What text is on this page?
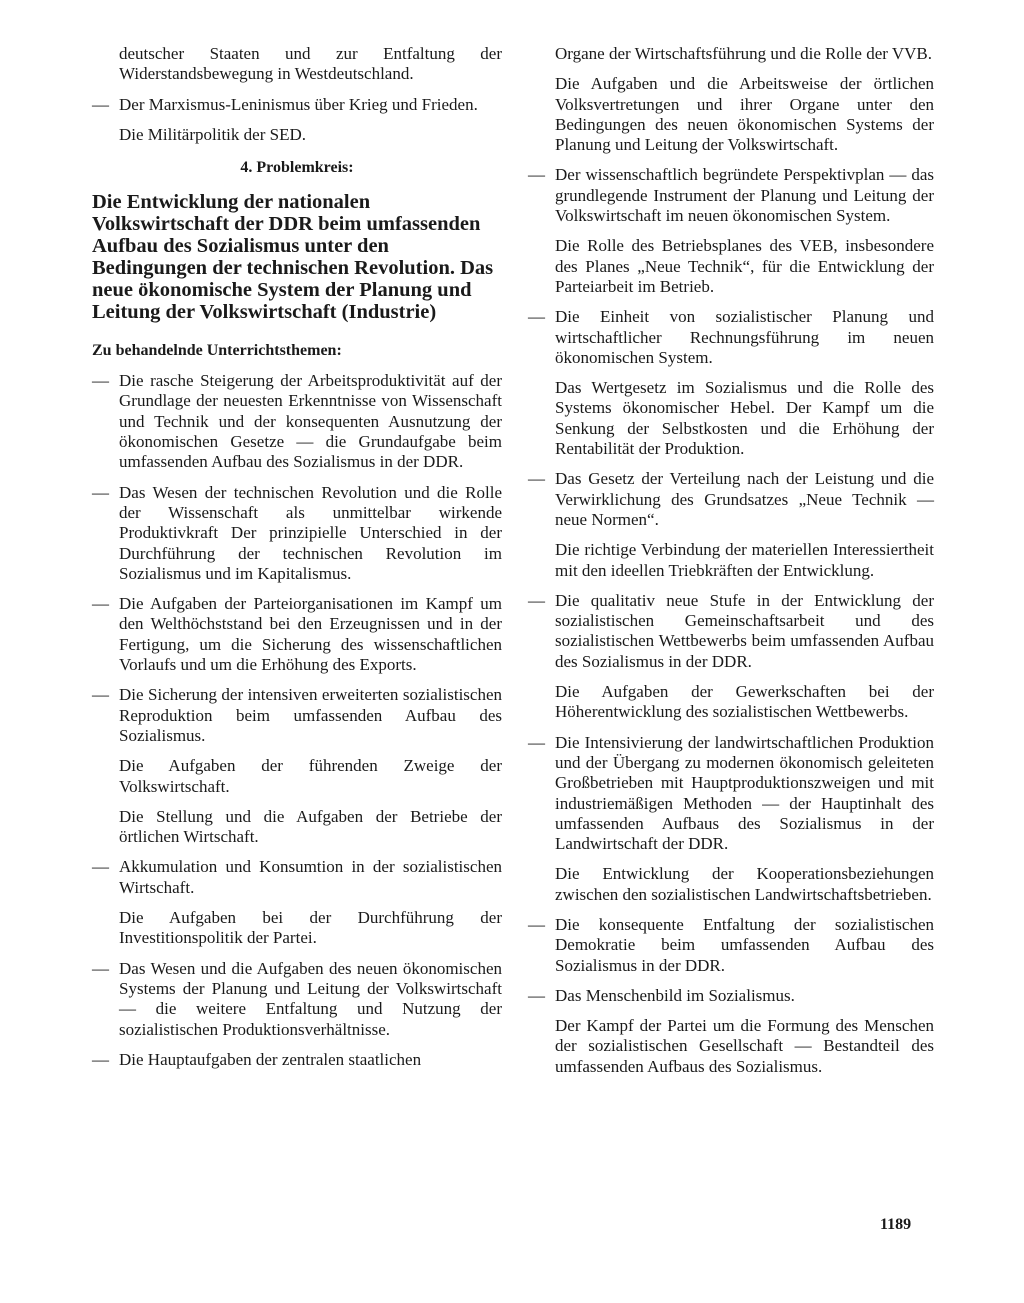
deutscher Staaten und zur Entfaltung der Widerstandsbewegung in Westdeutschland.
— Der Marxismus-Leninismus über Krieg und Frieden.
Die Militärpolitik der SED.
4. Problemkreis:
Die Entwicklung der nationalen Volkswirtschaft der DDR beim umfassenden Aufbau des Sozialismus unter den Bedingungen der technischen Revolution. Das neue ökonomische System der Planung und Leitung der Volkswirtschaft (Industrie)
Zu behandelnde Unterrichtsthemen:
— Die rasche Steigerung der Arbeitsproduktivität auf der Grundlage der neuesten Erkenntnisse von Wissenschaft und Technik und der konsequenten Ausnutzung der ökonomischen Gesetze — die Grundaufgabe beim umfassenden Aufbau des Sozialismus in der DDR.
— Das Wesen der technischen Revolution und die Rolle der Wissenschaft als unmittelbar wirkende Produktivkraft Der prinzipielle Unterschied in der Durchführung der technischen Revolution im Sozialismus und im Kapitalismus.
— Die Aufgaben der Parteiorganisationen im Kampf um den Welthöchststand bei den Erzeugnissen und in der Fertigung, um die Sicherung des wissenschaftlichen Vorlaufs und um die Erhöhung des Exports.
— Die Sicherung der intensiven erweiterten sozialistischen Reproduktion beim umfassenden Aufbau des Sozialismus.
Die Aufgaben der führenden Zweige der Volkswirtschaft.
Die Stellung und die Aufgaben der Betriebe der örtlichen Wirtschaft.
— Akkumulation und Konsumtion in der sozialistischen Wirtschaft.
Die Aufgaben bei der Durchführung der Investitionspolitik der Partei.
— Das Wesen und die Aufgaben des neuen ökonomischen Systems der Planung und Leitung der Volkswirtschaft — die weitere Entfaltung und Nutzung der sozialistischen Produktionsverhältnisse.
— Die Hauptaufgaben der zentralen staatlichen
Organe der Wirtschaftsführung und die Rolle der VVB.
Die Aufgaben und die Arbeitsweise der örtlichen Volksvertretungen und ihrer Organe unter den Bedingungen des neuen ökonomischen Systems der Planung und Leitung der Volkswirtschaft.
— Der wissenschaftlich begründete Perspektivplan — das grundlegende Instrument der Planung und Leitung der Volkswirtschaft im neuen ökonomischen System.
Die Rolle des Betriebsplanes des VEB, insbesondere des Planes „Neue Technik“, für die Entwicklung der Parteiarbeit im Betrieb.
— Die Einheit von sozialistischer Planung und wirtschaftlicher Rechnungsführung im neuen ökonomischen System.
Das Wertgesetz im Sozialismus und die Rolle des Systems ökonomischer Hebel. Der Kampf um die Senkung der Selbstkosten und die Erhöhung der Rentabilität der Produktion.
— Das Gesetz der Verteilung nach der Leistung und die Verwirklichung des Grundsatzes „Neue Technik — neue Normen“.
Die richtige Verbindung der materiellen Interessiertheit mit den ideellen Triebkräften der Entwicklung.
— Die qualitativ neue Stufe in der Entwicklung der sozialistischen Gemeinschaftsarbeit und des sozialistischen Wettbewerbs beim umfassenden Aufbau des Sozialismus in der DDR.
Die Aufgaben der Gewerkschaften bei der Höherentwicklung des sozialistischen Wettbewerbs.
— Die Intensivierung der landwirtschaftlichen Produktion und der Übergang zu modernen ökonomisch geleiteten Großbetrieben mit Hauptproduktionszweigen und mit industriemäßigen Methoden — der Hauptinhalt des umfassenden Aufbaus des Sozialismus in der Landwirtschaft der DDR.
Die Entwicklung der Kooperationsbeziehungen zwischen den sozialistischen Landwirtschaftsbetrieben.
— Die konsequente Entfaltung der sozialistischen Demokratie beim umfassenden Aufbau des Sozialismus in der DDR.
— Das Menschenbild im Sozialismus.
Der Kampf der Partei um die Formung des Menschen der sozialistischen Gesellschaft — Bestandteil des umfassenden Aufbaus des Sozialismus.
1189
